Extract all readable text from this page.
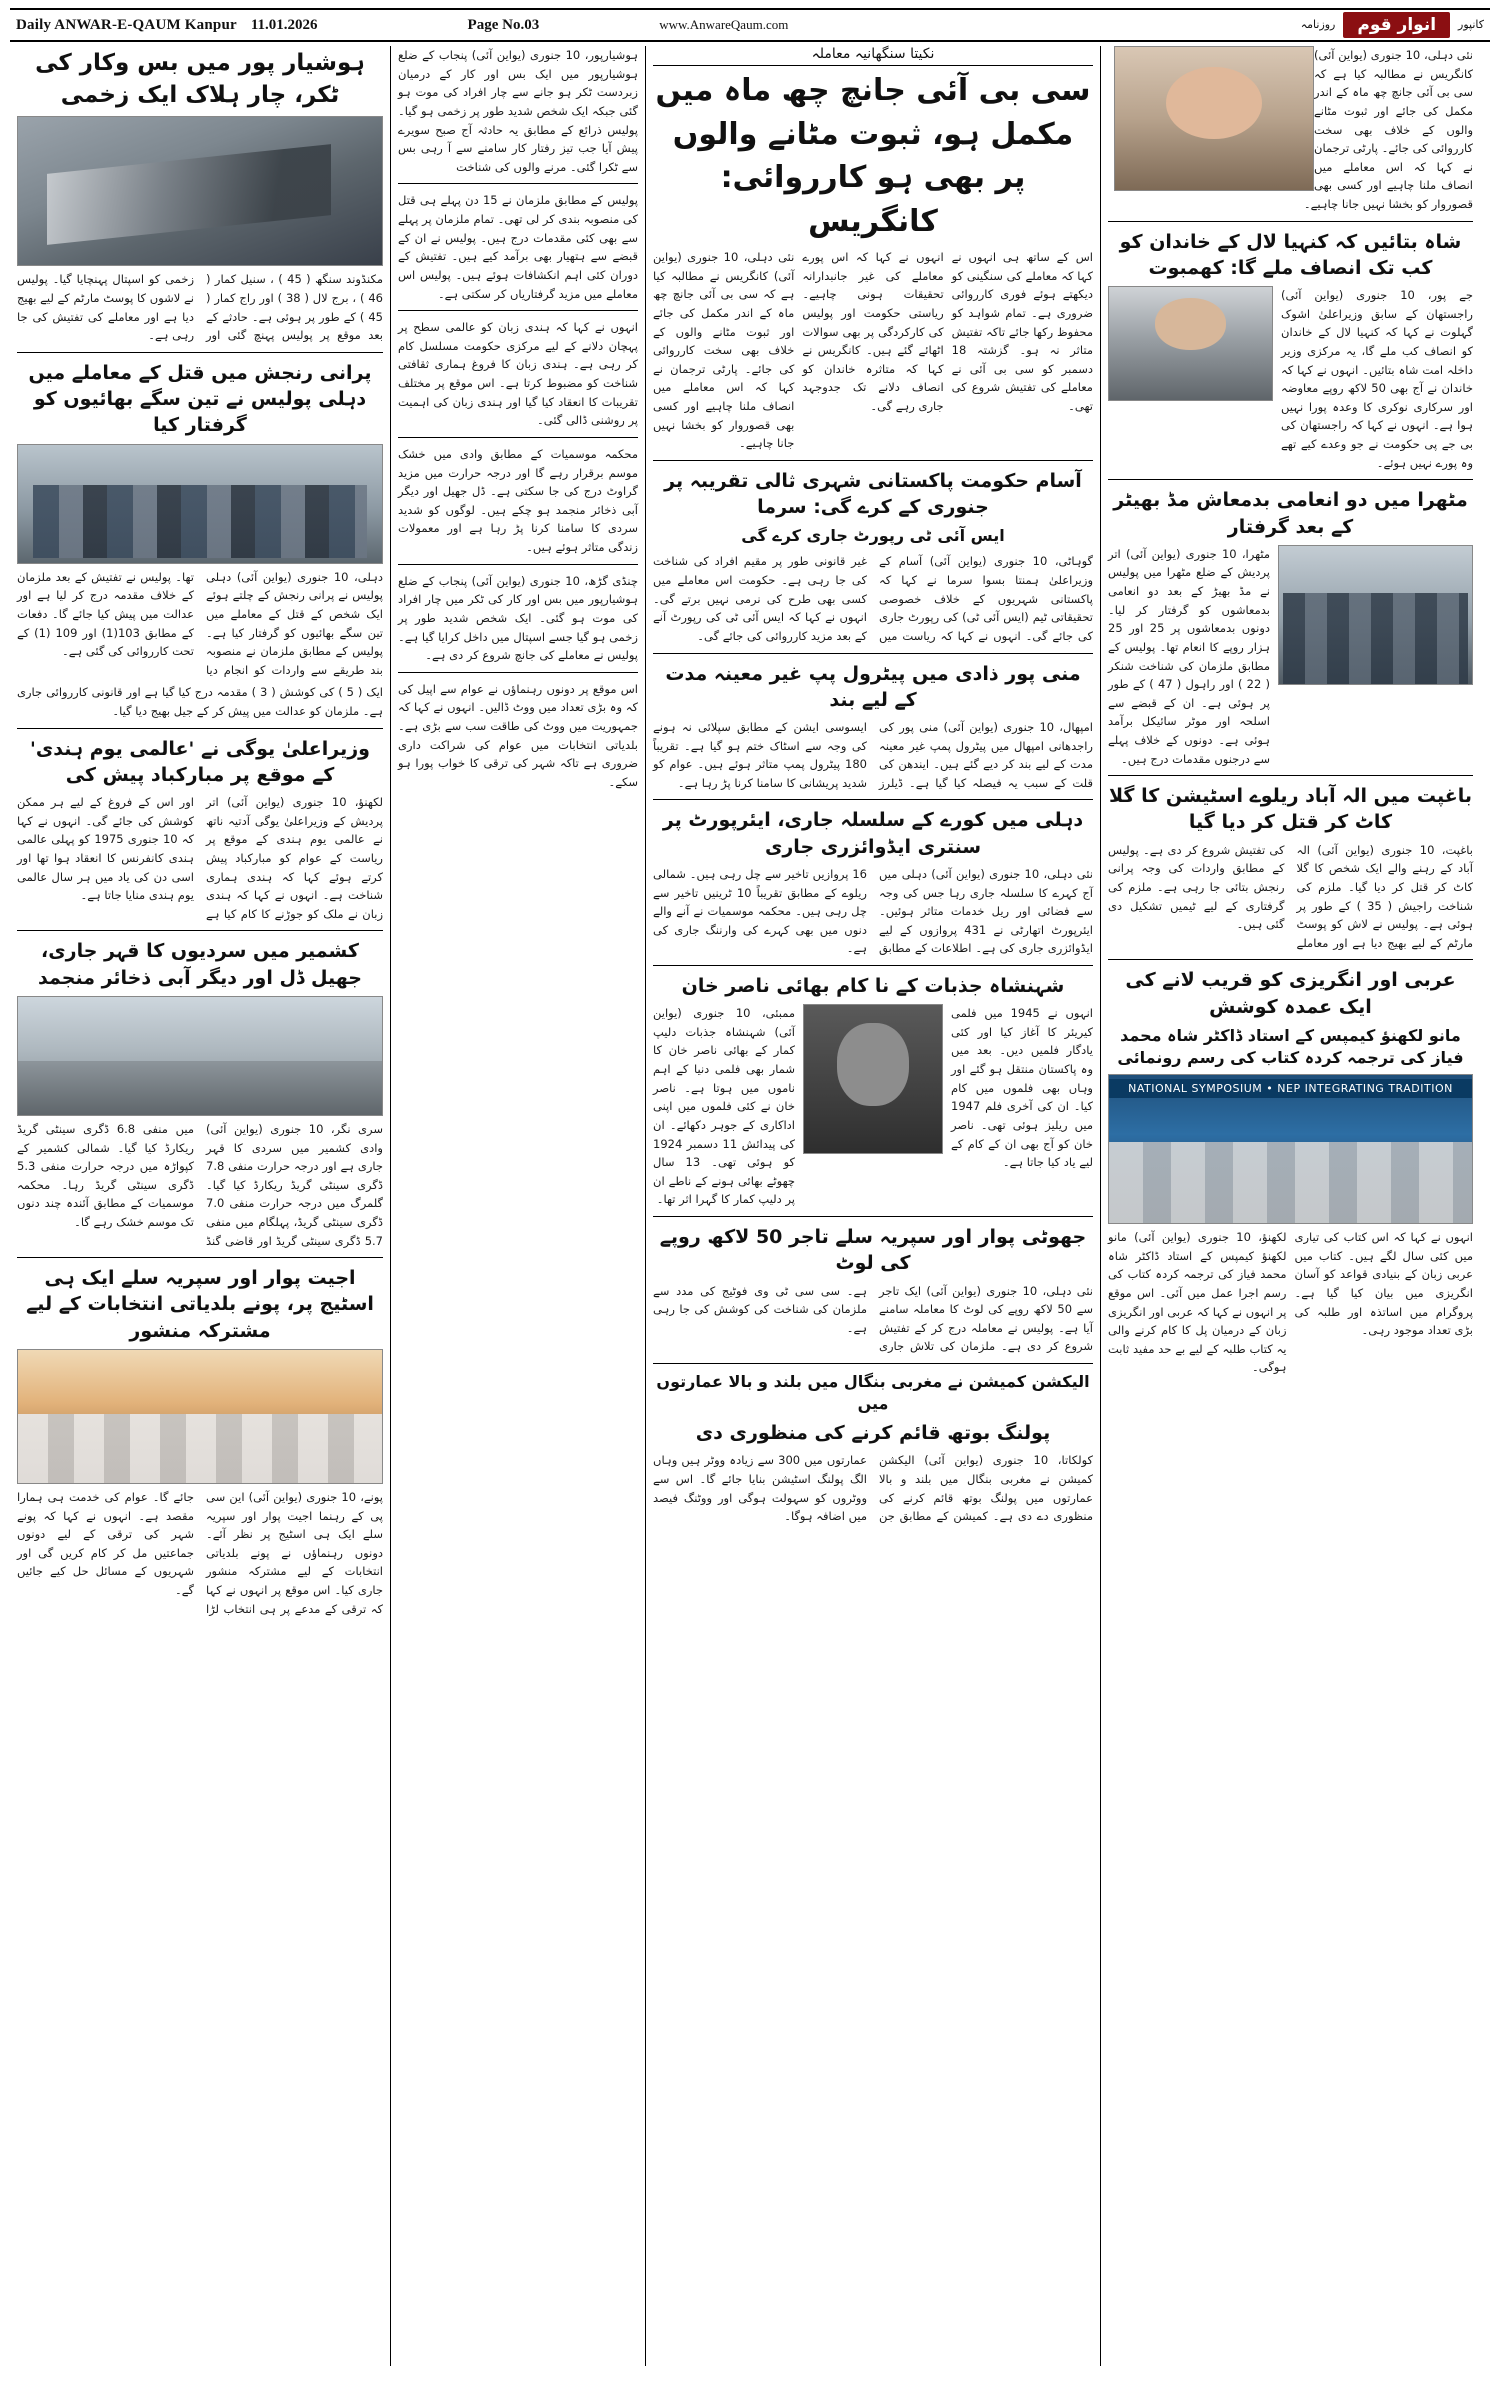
Daily ANWAR-E-QAUM Kanpur 11.01.2026	Page No.03	www.AnwareQaum.com	روزنامہ	انوار قوم	کانپور
ہوشیار پور میں بس وکار کی ٹکر، چار ہلاک ایک زخمی
مکنڈوند سنگھ ( 45 ) ، سنیل کمار ( 46 ) ، برج لال ( 38 ) اور راج کمار ( 45 ) کے طور پر ہوئی ہے۔ حادثے کے بعد موقع پر پولیس پہنچ گئی اور زخمی کو اسپتال پہنچایا گیا۔ پولیس نے لاشوں کا پوسٹ مارٹم کے لیے بھیج دیا ہے اور معاملے کی تفتیش کی جا رہی ہے۔
پرانی رنجش میں قتل کے معاملے میں دہلی پولیس نے تین سگے بھائیوں کو گرفتار کیا
دہلی، 10 جنوری (یواین آئی) دہلی پولیس نے پرانی رنجش کے چلتے ہوئے ایک شخص کے قتل کے معاملے میں تین سگے بھائیوں کو گرفتار کیا ہے۔ پولیس کے مطابق ملزمان نے منصوبہ بند طریقے سے واردات کو انجام دیا تھا۔ پولیس نے تفتیش کے بعد ملزمان کے خلاف مقدمہ درج کر لیا ہے اور عدالت میں پیش کیا جائے گا۔ دفعات کے مطابق 103(1) اور 109 (1) کے تحت کارروائی کی گئی ہے۔
ایک ( 5 ) کی کوشش ( 3 ) مقدمہ درج کیا گیا ہے اور قانونی کارروائی جاری ہے۔ ملزمان کو عدالت میں پیش کر کے جیل بھیج دیا گیا۔
وزیراعلیٰ یوگی نے 'عالمی یوم ہندی' کے موقع پر مبارکباد پیش کی
لکھنؤ، 10 جنوری (یواین آئی) اتر پردیش کے وزیراعلیٰ یوگی آدتیہ ناتھ نے عالمی یوم ہندی کے موقع پر ریاست کے عوام کو مبارکباد پیش کرتے ہوئے کہا کہ ہندی ہماری شناخت ہے۔ انہوں نے کہا کہ ہندی زبان نے ملک کو جوڑنے کا کام کیا ہے اور اس کے فروغ کے لیے ہر ممکن کوشش کی جائے گی۔ انہوں نے کہا کہ 10 جنوری 1975 کو پہلی عالمی ہندی کانفرنس کا انعقاد ہوا تھا اور اسی دن کی یاد میں ہر سال عالمی یوم ہندی منایا جاتا ہے۔
کشمیر میں سردیوں کا قہر جاری، جھیل ڈل اور دیگر آبی ذخائر منجمد
سری نگر، 10 جنوری (یواین آئی) وادی کشمیر میں سردی کا قہر جاری ہے اور درجہ حرارت منفی 7.8 ڈگری سینٹی گریڈ ریکارڈ کیا گیا۔ گلمرگ میں درجہ حرارت منفی 7.0 ڈگری سینٹی گریڈ، پہلگام میں منفی 5.7 ڈگری سینٹی گریڈ اور قاضی گنڈ میں منفی 6.8 ڈگری سینٹی گریڈ ریکارڈ کیا گیا۔ شمالی کشمیر کے کپواڑہ میں درجہ حرارت منفی 5.3 ڈگری سینٹی گریڈ رہا۔ محکمہ موسمیات کے مطابق آئندہ چند دنوں تک موسم خشک رہے گا۔
اجیت پوار اور سپریہ سلے ایک ہی اسٹیج پر، پونے بلدیاتی انتخابات کے لیے مشترکہ منشور
پونے، 10 جنوری (یواین آئی) این سی پی کے رہنما اجیت پوار اور سپریہ سلے ایک ہی اسٹیج پر نظر آئے۔ دونوں رہنماؤں نے پونے بلدیاتی انتخابات کے لیے مشترکہ منشور جاری کیا۔ اس موقع پر انہوں نے کہا کہ ترقی کے مدعے پر ہی انتخاب لڑا جائے گا۔ عوام کی خدمت ہی ہمارا مقصد ہے۔ انہوں نے کہا کہ پونے شہر کی ترقی کے لیے دونوں جماعتیں مل کر کام کریں گی اور شہریوں کے مسائل حل کیے جائیں گے۔
ہوشیارپور، 10 جنوری (یواین آئی) پنجاب کے ضلع ہوشیارپور میں ایک بس اور کار کے درمیان زبردست ٹکر ہو جانے سے چار افراد کی موت ہو گئی جبکہ ایک شخص شدید طور پر زخمی ہو گیا۔ پولیس ذرائع کے مطابق یہ حادثہ آج صبح سویرے پیش آیا جب تیز رفتار کار سامنے سے آ رہی بس سے ٹکرا گئی۔ مرنے والوں کی شناخت
پولیس کے مطابق ملزمان نے 15 دن پہلے ہی قتل کی منصوبہ بندی کر لی تھی۔ تمام ملزمان پر پہلے سے بھی کئی مقدمات درج ہیں۔ پولیس نے ان کے قبضے سے ہتھیار بھی برآمد کیے ہیں۔ تفتیش کے دوران کئی اہم انکشافات ہوئے ہیں۔ پولیس اس معاملے میں مزید گرفتاریاں کر سکتی ہے۔
انہوں نے کہا کہ ہندی زبان کو عالمی سطح پر پہچان دلانے کے لیے مرکزی حکومت مسلسل کام کر رہی ہے۔ ہندی زبان کا فروغ ہماری ثقافتی شناخت کو مضبوط کرتا ہے۔ اس موقع پر مختلف تقریبات کا انعقاد کیا گیا اور ہندی زبان کی اہمیت پر روشنی ڈالی گئی۔
محکمہ موسمیات کے مطابق وادی میں خشک موسم برقرار رہے گا اور درجہ حرارت میں مزید گراوٹ درج کی جا سکتی ہے۔ ڈل جھیل اور دیگر آبی ذخائر منجمد ہو چکے ہیں۔ لوگوں کو شدید سردی کا سامنا کرنا پڑ رہا ہے اور معمولات زندگی متاثر ہوئے ہیں۔
چنڈی گڑھ، 10 جنوری (یواین آئی) پنجاب کے ضلع ہوشیارپور میں بس اور کار کی ٹکر میں چار افراد کی موت ہو گئی۔ ایک شخص شدید طور پر زخمی ہو گیا جسے اسپتال میں داخل کرایا گیا ہے۔ پولیس نے معاملے کی جانچ شروع کر دی ہے۔
اس موقع پر دونوں رہنماؤں نے عوام سے اپیل کی کہ وہ بڑی تعداد میں ووٹ ڈالیں۔ انہوں نے کہا کہ جمہوریت میں ووٹ کی طاقت سب سے بڑی ہے۔ بلدیاتی انتخابات میں عوام کی شراکت داری ضروری ہے تاکہ شہر کی ترقی کا خواب پورا ہو سکے۔
نکیتا سنگھانیہ معاملہ
سی بی آئی جانچ چھ ماہ میں مکمل ہو، ثبوت مٹانے والوں پر بھی ہو کارروائی: کانگریس
نئی دہلی، 10 جنوری (یواین آئی) کانگریس نے مطالبہ کیا ہے کہ سی بی آئی جانچ چھ ماہ کے اندر مکمل کی جائے اور ثبوت مٹانے والوں کے خلاف بھی سخت کارروائی کی جائے۔ پارٹی ترجمان نے کہا کہ اس معاملے میں انصاف ملنا چاہیے اور کسی بھی قصوروار کو بخشا نہیں جانا چاہیے۔
انہوں نے کہا کہ اس پورے معاملے کی غیر جانبدارانہ تحقیقات ہونی چاہیے۔ ریاستی حکومت اور پولیس کی کارکردگی پر بھی سوالات اٹھائے گئے ہیں۔ کانگریس نے کہا کہ متاثرہ خاندان کو انصاف دلانے تک جدوجہد جاری رہے گی۔
اس کے ساتھ ہی انہوں نے کہا کہ معاملے کی سنگینی کو دیکھتے ہوئے فوری کارروائی ضروری ہے۔ تمام شواہد کو محفوظ رکھا جائے تاکہ تفتیش متاثر نہ ہو۔ گزشتہ 18 دسمبر کو سی بی آئی نے معاملے کی تفتیش شروع کی تھی۔
آسام حکومت پاکستانی شہری ثالی تقریبہ پر جنوری کے کرے گی: سرما
ایس آئی ٹی رپورٹ جاری کرے گی
گوہاٹی، 10 جنوری (یواین آئی) آسام کے وزیراعلیٰ ہمنتا بسوا سرما نے کہا کہ پاکستانی شہریوں کے خلاف خصوصی تحقیقاتی ٹیم (ایس آئی ٹی) کی رپورٹ جاری کی جائے گی۔ انہوں نے کہا کہ ریاست میں غیر قانونی طور پر مقیم افراد کی شناخت کی جا رہی ہے۔ حکومت اس معاملے میں کسی بھی طرح کی نرمی نہیں برتے گی۔ انہوں نے کہا کہ ایس آئی ٹی کی رپورٹ آنے کے بعد مزید کارروائی کی جائے گی۔
منی پور ذادی میں پیٹرول پپ غیر معینہ مدت کے لیے بند
امپھال، 10 جنوری (یواین آئی) منی پور کی راجدھانی امپھال میں پیٹرول پمپ غیر معینہ مدت کے لیے بند کر دیے گئے ہیں۔ ایندھن کی قلت کے سبب یہ فیصلہ کیا گیا ہے۔ ڈیلرز ایسوسی ایشن کے مطابق سپلائی نہ ہونے کی وجہ سے اسٹاک ختم ہو گیا ہے۔ تقریباً 180 پیٹرول پمپ متاثر ہوئے ہیں۔ عوام کو شدید پریشانی کا سامنا کرنا پڑ رہا ہے۔
دہلی میں کورے کے سلسلہ جاری، ایئرپورٹ پر سنتری ایڈوائزری جاری
نئی دہلی، 10 جنوری (یواین آئی) دہلی میں آج کہرے کا سلسلہ جاری رہا جس کی وجہ سے فضائی اور ریل خدمات متاثر ہوئیں۔ ایئرپورٹ اتھارٹی نے 431 پروازوں کے لیے ایڈوائزری جاری کی ہے۔ اطلاعات کے مطابق 16 پروازیں تاخیر سے چل رہی ہیں۔ شمالی ریلوے کے مطابق تقریباً 10 ٹرینیں تاخیر سے چل رہی ہیں۔ محکمہ موسمیات نے آنے والے دنوں میں بھی کہرے کی وارننگ جاری کی ہے۔
شہنشاہ جذبات کے نا کام بھائی ناصر خان
ممبئی، 10 جنوری (یواین آئی) شہنشاہ جذبات دلیپ کمار کے بھائی ناصر خان کا شمار بھی فلمی دنیا کے اہم ناموں میں ہوتا ہے۔ ناصر خان نے کئی فلموں میں اپنی اداکاری کے جوہر دکھائے۔ ان کی پیدائش 11 دسمبر 1924 کو ہوئی تھی۔ 13 سال چھوٹے بھائی ہونے کے ناطے ان پر دلیپ کمار کا گہرا اثر تھا۔
انہوں نے 1945 میں فلمی کیریئر کا آغاز کیا اور کئی یادگار فلمیں دیں۔ بعد میں وہ پاکستان منتقل ہو گئے اور وہاں بھی فلموں میں کام کیا۔ ان کی آخری فلم 1947 میں ریلیز ہوئی تھی۔ ناصر خان کو آج بھی ان کے کام کے لیے یاد کیا جاتا ہے۔
جھوٹی پوار اور سپریہ سلے تاجر 50 لاکھ روپے کی لوٹ
نئی دہلی، 10 جنوری (یواین آئی) ایک تاجر سے 50 لاکھ روپے کی لوٹ کا معاملہ سامنے آیا ہے۔ پولیس نے معاملہ درج کر کے تفتیش شروع کر دی ہے۔ ملزمان کی تلاش جاری ہے۔ سی سی ٹی وی فوٹیج کی مدد سے ملزمان کی شناخت کی کوشش کی جا رہی ہے۔
الیکشن کمیشن نے مغربی بنگال میں بلند و بالا عمارتوں میں
پولنگ بوتھ قائم کرنے کی منظوری دی
کولکاتا، 10 جنوری (یواین آئی) الیکشن کمیشن نے مغربی بنگال میں بلند و بالا عمارتوں میں پولنگ بوتھ قائم کرنے کی منظوری دے دی ہے۔ کمیشن کے مطابق جن عمارتوں میں 300 سے زیادہ ووٹر ہیں وہاں الگ پولنگ اسٹیشن بنایا جائے گا۔ اس سے ووٹروں کو سہولت ہوگی اور ووٹنگ فیصد میں اضافہ ہوگا۔
نئی دہلی، 10 جنوری (یواین آئی) کانگریس نے مطالبہ کیا ہے کہ سی بی آئی جانچ چھ ماہ کے اندر مکمل کی جائے اور ثبوت مٹانے والوں کے خلاف بھی سخت کارروائی کی جائے۔ پارٹی ترجمان نے کہا کہ اس معاملے میں انصاف ملنا چاہیے اور کسی بھی قصوروار کو بخشا نہیں جانا چاہیے۔
شاہ بتائیں کہ کنہیا لال کے خاندان کو کب تک انصاف ملے گا: کھمبوت
جے پور، 10 جنوری (یواین آئی) راجستھان کے سابق وزیراعلیٰ اشوک گہلوت نے کہا کہ کنہیا لال کے خاندان کو انصاف کب ملے گا، یہ مرکزی وزیر داخلہ امت شاہ بتائیں۔ انہوں نے کہا کہ خاندان نے آج بھی 50 لاکھ روپے معاوضہ اور سرکاری نوکری کا وعدہ پورا نہیں ہوا ہے۔ انہوں نے کہا کہ راجستھان کی بی جے پی حکومت نے جو وعدے کیے تھے وہ پورے نہیں ہوئے۔
مٹھرا میں دو انعامی بدمعاش مڈ بھیٹر کے بعد گرفتار
مٹھرا، 10 جنوری (یواین آئی) اتر پردیش کے ضلع مٹھرا میں پولیس نے مڈ بھیڑ کے بعد دو انعامی بدمعاشوں کو گرفتار کر لیا۔ دونوں بدمعاشوں پر 25 اور 25 ہزار روپے کا انعام تھا۔ پولیس کے مطابق ملزمان کی شناخت شنکر ( 22 ) اور راہول ( 47 ) کے طور پر ہوئی ہے۔ ان کے قبضے سے اسلحہ اور موٹر سائیکل برآمد ہوئی ہے۔ دونوں کے خلاف پہلے سے درجنوں مقدمات درج ہیں۔
باغپت میں الہ آباد ریلوے اسٹیشن کا گلا کاٹ کر قتل کر دیا گیا
باغپت، 10 جنوری (یواین آئی) الہ آباد کے رہنے والے ایک شخص کا گلا کاٹ کر قتل کر دیا گیا۔ ملزم کی شناخت راجیش ( 35 ) کے طور پر ہوئی ہے۔ پولیس نے لاش کو پوسٹ مارٹم کے لیے بھیج دیا ہے اور معاملے کی تفتیش شروع کر دی ہے۔ پولیس کے مطابق واردات کی وجہ پرانی رنجش بتائی جا رہی ہے۔ ملزم کی گرفتاری کے لیے ٹیمیں تشکیل دی گئی ہیں۔
عربی اور انگریزی کو قریب لانے کی ایک عمدہ کوشش
مانو لکھنؤ کیمپس کے استاد ڈاکٹر شاہ محمد فیاز کی ترجمہ کردہ کتاب کی رسم رونمائی
NATIONAL SYMPOSIUM • NEP INTEGRATING TRADITION
لکھنؤ، 10 جنوری (یواین آئی) مانو لکھنؤ کیمپس کے استاد ڈاکٹر شاہ محمد فیاز کی ترجمہ کردہ کتاب کی رسم اجرا عمل میں آئی۔ اس موقع پر انہوں نے کہا کہ عربی اور انگریزی زبان کے درمیان پل کا کام کرنے والی یہ کتاب طلبہ کے لیے بے حد مفید ثابت ہوگی۔
انہوں نے کہا کہ اس کتاب کی تیاری میں کئی سال لگے ہیں۔ کتاب میں عربی زبان کے بنیادی قواعد کو آسان انگریزی میں بیان کیا گیا ہے۔ پروگرام میں اساتذہ اور طلبہ کی بڑی تعداد موجود رہی۔
